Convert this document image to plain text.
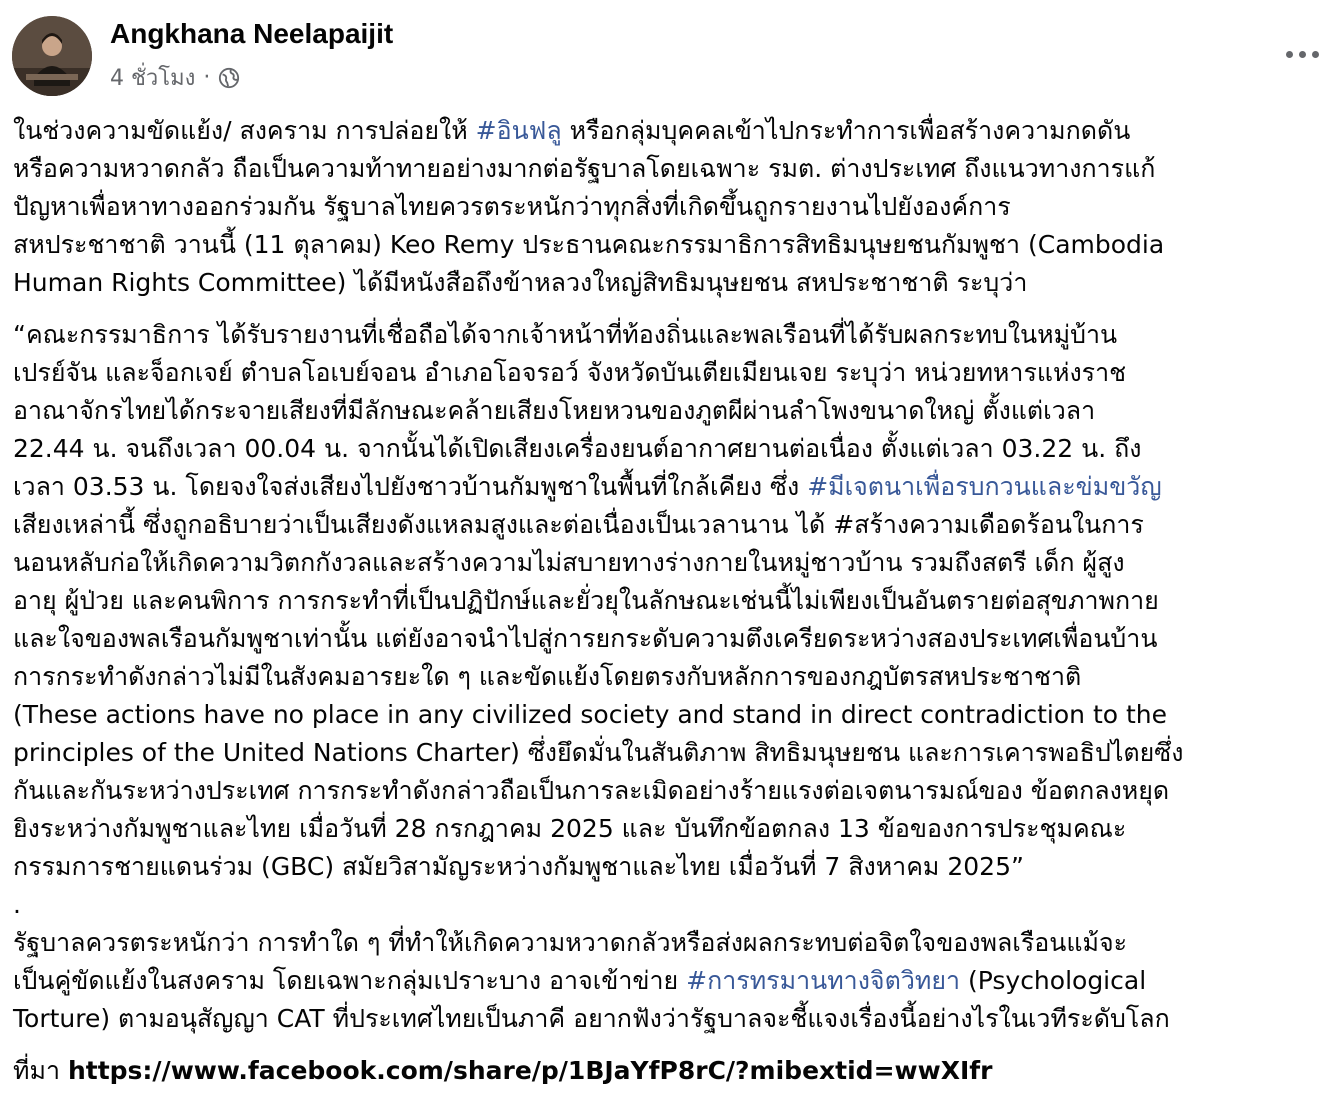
Angkhana Neelapaijit
4 ชั่วโมง ·

ในช่วงความขัดแย้ง/ สงคราม การปล่อยให้ #อินฟลู หรือกลุ่มบุคคลเข้าไปกระทำการเพื่อสร้างความกดดัน
หรือความหวาดกลัว ถือเป็นความท้าทายอย่างมากต่อรัฐบาลโดยเฉพาะ รมต. ต่างประเทศ ถึงแนวทางการแก้
ปัญหาเพื่อหาทางออกร่วมกัน รัฐบาลไทยควรตระหนักว่าทุกสิ่งที่เกิดขึ้นถูกรายงานไปยังองค์การ
สหประชาชาติ วานนี้ (11 ตุลาคม) Keo Remy ประธานคณะกรรมาธิการสิทธิมนุษยชนกัมพูชา (Cambodia
Human Rights Committee) ได้มีหนังสือถึงข้าหลวงใหญ่สิทธิมนุษยชน สหประชาชาติ ระบุว่า

“คณะกรรมาธิการ ได้รับรายงานที่เชื่อถือได้จากเจ้าหน้าที่ท้องถิ่นและพลเรือนที่ได้รับผลกระทบในหมู่บ้าน
เปรย์จัน และจ็อกเจย์ ตำบลโอเบย์จอน อำเภอโอจรอว์ จังหวัดบันเตียเมียนเจย ระบุว่า หน่วยทหารแห่งราช
อาณาจักรไทยได้กระจายเสียงที่มีลักษณะคล้ายเสียงโหยหวนของภูตผีผ่านลำโพงขนาดใหญ่ ตั้งแต่เวลา
22.44 น. จนถึงเวลา 00.04 น. จากนั้นได้เปิดเสียงเครื่องยนต์อากาศยานต่อเนื่อง ตั้งแต่เวลา 03.22 น. ถึง
เวลา 03.53 น. โดยจงใจส่งเสียงไปยังชาวบ้านกัมพูชาในพื้นที่ใกล้เคียง ซึ่ง #มีเจตนาเพื่อรบกวนและข่มขวัญ
เสียงเหล่านี้ ซึ่งถูกอธิบายว่าเป็นเสียงดังแหลมสูงและต่อเนื่องเป็นเวลานาน ได้ #สร้างความเดือดร้อนในการ
นอนหลับก่อให้เกิดความวิตกกังวลและสร้างความไม่สบายทางร่างกายในหมู่ชาวบ้าน รวมถึงสตรี เด็ก ผู้สูง
อายุ ผู้ป่วย และคนพิการ การกระทำที่เป็นปฏิปักษ์และยั่วยุในลักษณะเช่นนี้ไม่เพียงเป็นอันตรายต่อสุขภาพกาย
และใจของพลเรือนกัมพูชาเท่านั้น แต่ยังอาจนำไปสู่การยกระดับความตึงเครียดระหว่างสองประเทศเพื่อนบ้าน
การกระทำดังกล่าวไม่มีในสังคมอารยะใด ๆ และขัดแย้งโดยตรงกับหลักการของกฎบัตรสหประชาชาติ
(These actions have no place in any civilized society and stand in direct contradiction to the
principles of the United Nations Charter) ซึ่งยึดมั่นในสันติภาพ สิทธิมนุษยชน และการเคารพอธิปไตยซึ่ง
กันและกันระหว่างประเทศ การกระทำดังกล่าวถือเป็นการละเมิดอย่างร้ายแรงต่อเจตนารมณ์ของ ข้อตกลงหยุด
ยิงระหว่างกัมพูชาและไทย เมื่อวันที่ 28 กรกฎาคม 2025 และ บันทึกข้อตกลง 13 ข้อของการประชุมคณะ
กรรมการชายแดนร่วม (GBC) สมัยวิสามัญระหว่างกัมพูชาและไทย เมื่อวันที่ 7 สิงหาคม 2025”
.
รัฐบาลควรตระหนักว่า การทำใด ๆ ที่ทำให้เกิดความหวาดกลัวหรือส่งผลกระทบต่อจิตใจของพลเรือนแม้จะ
เป็นคู่ขัดแย้งในสงคราม โดยเฉพาะกลุ่มเปราะบาง อาจเข้าข่าย #การทรมานทางจิตวิทยา (Psychological
Torture) ตามอนุสัญญา CAT ที่ประเทศไทยเป็นภาคี อยากฟังว่ารัฐบาลจะชี้แจงเรื่องนี้อย่างไรในเวทีระดับโลก

ที่มา https://www.facebook.com/share/p/1BJaYfP8rC/?mibextid=wwXIfr
